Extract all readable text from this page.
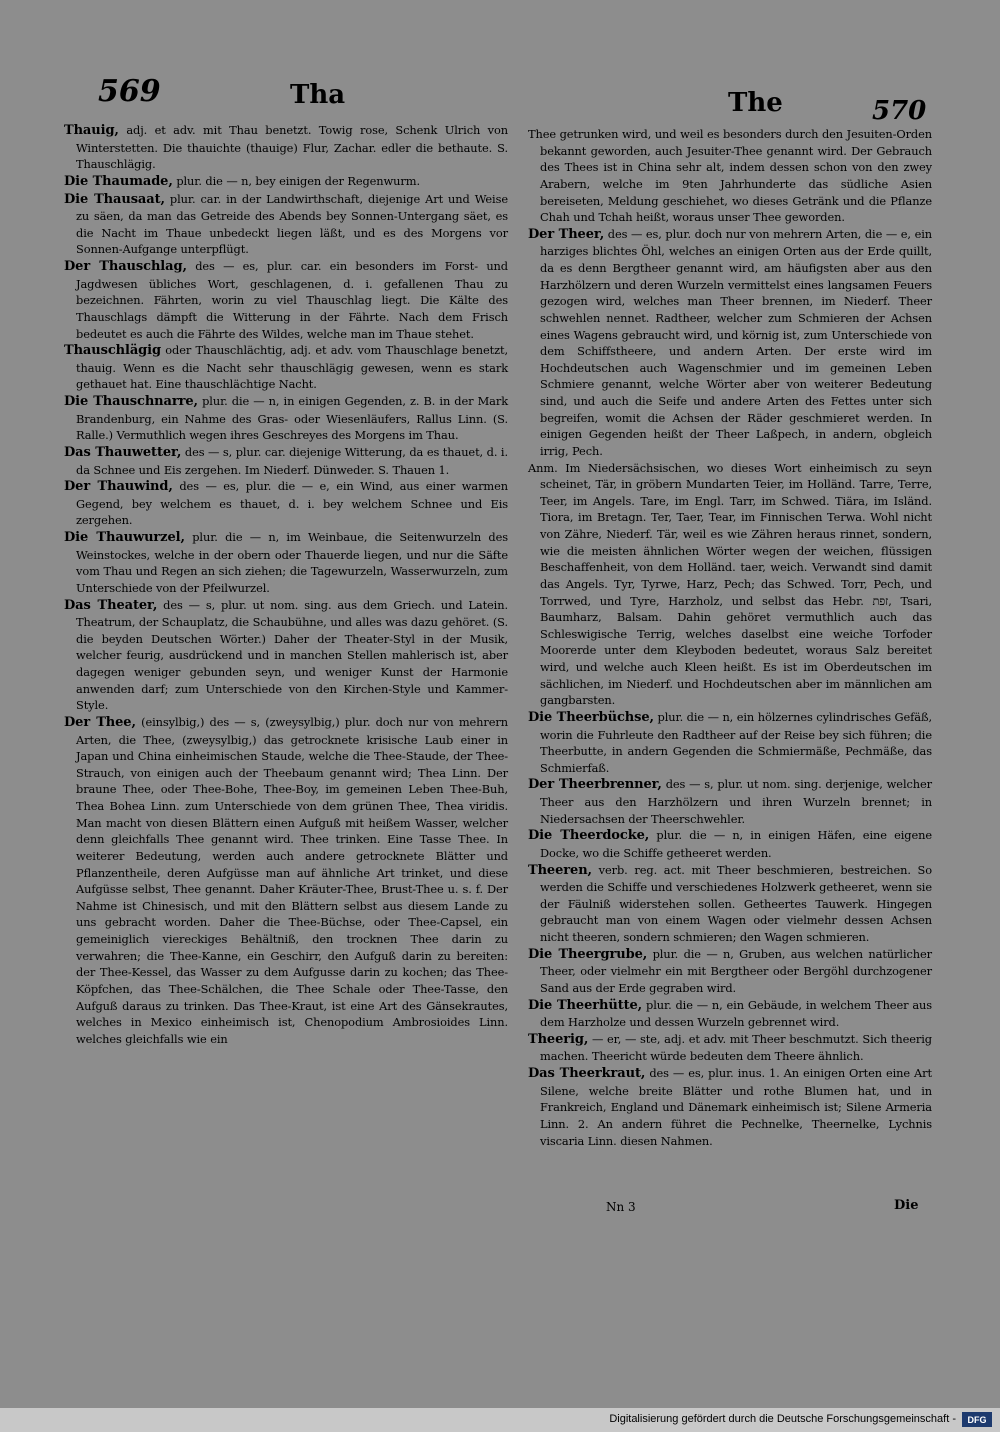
569	Tha	The	570

Thauig, adj. et adv. mit Thau benetzt. Towig rose, Schenk Ulrich von Winterstetten. Die thauichte (thauige) Flur, Zachar. edler die bethaute. S. Thauschlägig.

Die Thaumade, plur. die — n, bey einigen der Regenwurm.

Die Thausaat, plur. car. in der Landwirthschaft, diejenige Art und Weise zu säen, da man das Getreide des Abends bey Sonnen-Untergang säet, es die Nacht im Thaue unbedeckt liegen läßt, und es des Morgens vor Sonnen-Aufgange unterpflügt.

Der Thauschlag, des — es, plur. car. ein besonders im Forst- und Jagdwesen übliches Wort, geschlagenen, d. i. gefallenen Thau zu bezeichnen. Fährten, worin zu viel Thauschlag liegt. Die Kälte des Thauschlags dämpft die Witterung in der Fährte. Nach dem Frisch bedeutet es auch die Fährte des Wildes, welche man im Thaue stehet.

Thauschlägig oder Thauschlächtig, adj. et adv. vom Thauschlage benetzt, thauig. Wenn es die Nacht sehr thauschlägig gewesen, wenn es stark gethauet hat. Eine thauschlächtige Nacht.

Die Thauschnarre, plur. die — n, in einigen Gegenden, z. B. in der Mark Brandenburg, ein Nahme des Gras- oder Wiesenläufers, Rallus Linn. (S. Ralle.) Vermuthlich wegen ihres Geschreyes des Morgens im Thau.

Das Thauwetter, des — s, plur. car. diejenige Witterung, da es thauet, d. i. da Schnee und Eis zergehen. Im Niederf. Dünweder. S. Thauen 1.

Der Thauwind, des — es, plur. die — e, ein Wind, aus einer warmen Gegend, bey welchem es thauet, d. i. bey welchem Schnee und Eis zergehen.

Die Thauwurzel, plur. die — n, im Weinbaue, die Seitenwurzeln des Weinstockes, welche in der obern oder Thauerde liegen, und nur die Säfte vom Thau und Regen an sich ziehen; die Tagewurzeln, Wasserwurzeln, zum Unterschiede von der Pfeilwurzel.

Das Theater, des — s, plur. ut nom. sing. aus dem Griech. und Latein. Theatrum, der Schauplatz, die Schaubühne, und alles was dazu gehöret. (S. die beyden Deutschen Wörter.) Daher der Theater-Styl in der Musik, welcher feurig, ausdrückend und in manchen Stellen mahlerisch ist, aber dagegen weniger gebunden seyn, und weniger Kunst der Harmonie anwenden darf; zum Unterschiede von den Kirchen-Style und Kammer-Style.

Der Thee, (einsylbig,) des — s, (zweysylbig,) plur. doch nur von mehrern Arten, die Thee, (zweysylbig,) das getrocknete krisische Laub einer in Japan und China einheimischen Staude, welche die Thee-Staude, der Thee-Strauch, von einigen auch der Theebaum genannt wird; Thea Linn. Der braune Thee, oder Thee-Bohe, Thee-Boy, im gemeinen Leben Thee-Buh, Thea Bohea Linn. zum Unterschiede von dem grünen Thee, Thea viridis. Man macht von diesen Blättern einen Aufguß mit heißem Wasser, welcher denn gleichfalls Thee genannt wird. Thee trinken. Eine Tasse Thee. In weiterer Bedeutung, werden auch andere getrocknete Blätter und Pflanzentheile, deren Aufgüsse man auf ähnliche Art trinket, und diese Aufgüsse selbst, Thee genannt. Daher Kräuter-Thee, Brust-Thee u. s. f. Der Nahme ist Chinesisch, und mit den Blättern selbst aus diesem Lande zu uns gebracht worden. Daher die Thee-Büchse, oder Thee-Capsel, ein gemeiniglich viereckiges Behältniß, den trocknen Thee darin zu verwahren; die Thee-Kanne, ein Geschirr, den Aufguß darin zu bereiten: der Thee-Kessel, das Wasser zu dem Aufgusse darin zu kochen; das Thee-Köpfchen, das Thee-Schälchen, die Thee Schale oder Thee-Tasse, den Aufguß daraus zu trinken. Das Thee-Kraut, ist eine Art des Gänsekrautes, welches in Mexico einheimisch ist, Chenopodium Ambrosioides Linn. welches gleichfalls wie ein

Thee getrunken wird, und weil es besonders durch den Jesuiten-Orden bekannt geworden, auch Jesuiter-Thee genannt wird. Der Gebrauch des Thees ist in China sehr alt, indem dessen schon von den zwey Arabern, welche im 9ten Jahrhunderte das südliche Asien bereiseten, Meldung geschiehet, wo dieses Getränk und die Pflanze Chah und Tchah heißt, woraus unser Thee geworden.

Der Theer, des — es, plur. doch nur von mehrern Arten, die — e, ein harziges blichtes Öhl, welches an einigen Orten aus der Erde quillt, da es denn Bergtheer genannt wird, am häufigsten aber aus den Harzhölzern und deren Wurzeln vermittelst eines langsamen Feuers gezogen wird, welches man Theer brennen, im Niederf. Theer schwehlen nennet. Radtheer, welcher zum Schmieren der Achsen eines Wagens gebraucht wird, und körnig ist, zum Unterschiede von dem Schiffstheere, und andern Arten. Der erste wird im Hochdeutschen auch Wagenschmier und im gemeinen Leben Schmiere genannt, welche Wörter aber von weiterer Bedeutung sind, und auch die Seife und andere Arten des Fettes unter sich begreifen, womit die Achsen der Räder geschmieret werden. In einigen Gegenden heißt der Theer Laßpech, in andern, obgleich irrig, Pech.

Anm. Im Niedersächsischen, wo dieses Wort einheimisch zu seyn scheinet, Tär, in gröbern Mundarten Teier, im Holländ. Tarre, Terre, Teer, im Angels. Tare, im Engl. Tarr, im Schwed. Tiära, im Isländ. Tiora, im Bretagn. Ter, Taer, Tear, im Finnischen Terwa. Wohl nicht von Zähre, Niederf. Tär, weil es wie Zähren heraus rinnet, sondern, wie die meisten ähnlichen Wörter wegen der weichen, flüssigen Beschaffenheit, von dem Holländ. taer, weich. Verwandt sind damit das Angels. Tyr, Tyrwe, Harz, Pech; das Schwed. Torr, Pech, und Torrwed, und Tyre, Harzholz, und selbst das Hebr. זפת, Tsari, Baumharz, Balsam. Dahin gehöret vermuthlich auch das Schleswigische Terrig, welches daselbst eine weiche Torfoder Moorerde unter dem Kleyboden bedeutet, woraus Salz bereitet wird, und welche auch Kleen heißt. Es ist im Oberdeutschen im sächlichen, im Niederf. und Hochdeutschen aber im männlichen am gangbarsten.

Die Theerbüchse, plur. die — n, ein hölzernes cylindrisches Gefäß, worin die Fuhrleute den Radtheer auf der Reise bey sich führen; die Theerbutte, in andern Gegenden die Schmiermäße, Pechmäße, das Schmierfaß.

Der Theerbrenner, des — s, plur. ut nom. sing. derjenige, welcher Theer aus den Harzhölzern und ihren Wurzeln brennet; in Niedersachsen der Theerschwehler.

Die Theerdocke, plur. die — n, in einigen Häfen, eine eigene Docke, wo die Schiffe getheeret werden.

Theeren, verb. reg. act. mit Theer beschmieren, bestreichen. So werden die Schiffe und verschiedenes Holzwerk getheeret, wenn sie der Fäulniß widerstehen sollen. Getheertes Tauwerk. Hingegen gebraucht man von einem Wagen oder vielmehr dessen Achsen nicht theeren, sondern schmieren; den Wagen schmieren.

Die Theergrube, plur. die — n, Gruben, aus welchen natürlicher Theer, oder vielmehr ein mit Bergtheer oder Bergöhl durchzogener Sand aus der Erde gegraben wird.

Die Theerhütte, plur. die — n, ein Gebäude, in welchem Theer aus dem Harzholze und dessen Wurzeln gebrennet wird.

Theerig, — er, — ste, adj. et adv. mit Theer beschmutzt. Sich theerig machen. Theericht würde bedeuten dem Theere ähnlich.

Das Theerkraut, des — es, plur. inus. 1. An einigen Orten eine Art Silene, welche breite Blätter und rothe Blumen hat, und in Frankreich, England und Dänemark einheimisch ist; Silene Armeria Linn. 2. An andern führet die Pechnelke, Theernelke, Lychnis viscaria Linn. diesen Nahmen.

Nn 3	Die
Digitalisierung gefördert durch die Deutsche Forschungsgemeinschaft -	DFG
